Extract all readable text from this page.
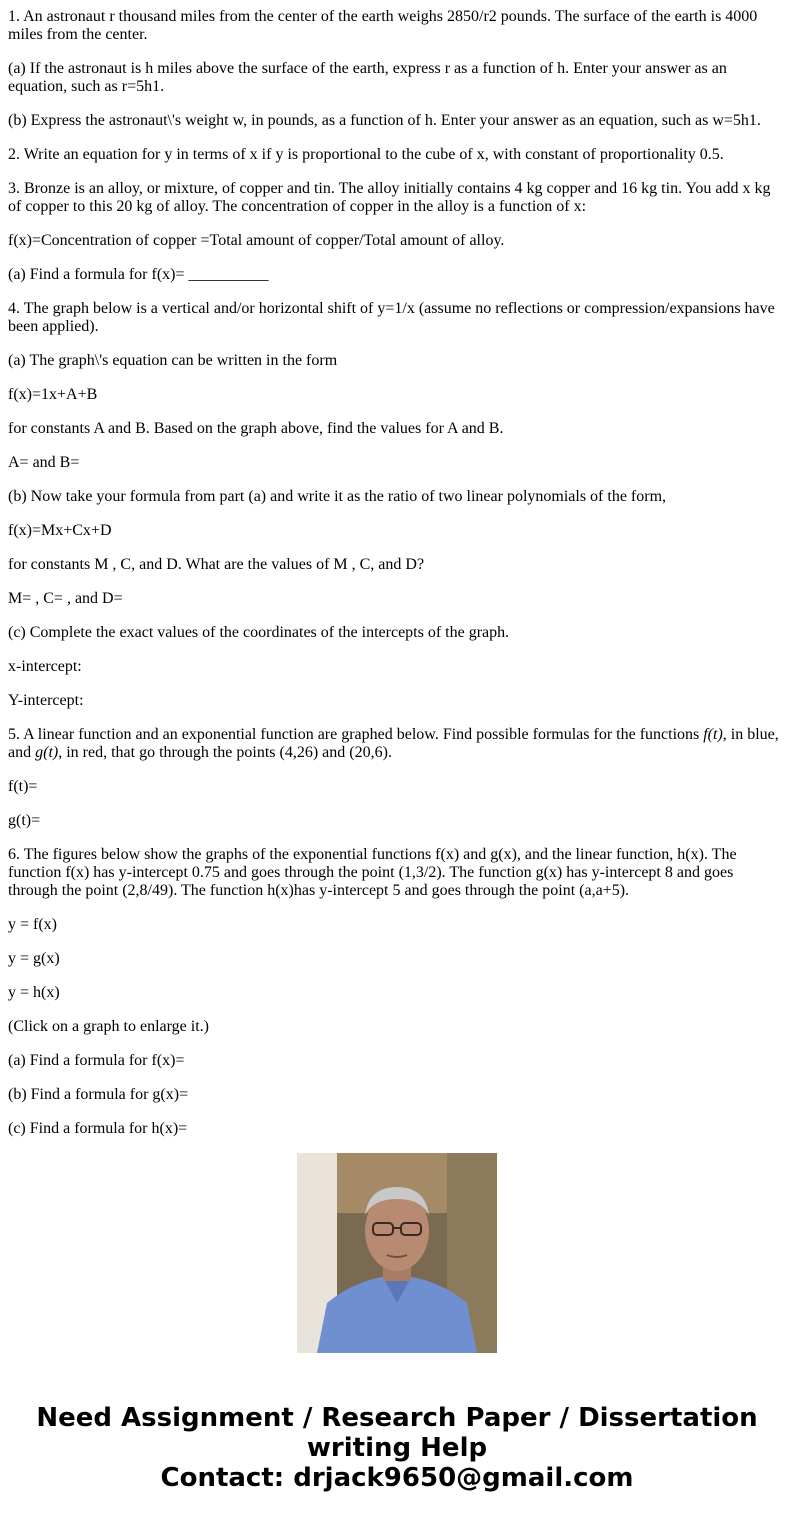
1. An astronaut r thousand miles from the center of the earth weighs 2850/r2 pounds. The surface of the earth is 4000 miles from the center.

(a) If the astronaut is h miles above the surface of the earth, express r as a function of h. Enter your answer as an equation, such as r=5h1.

(b) Express the astronaut\'s weight w, in pounds, as a function of h. Enter your answer as an equation, such as w=5h1.

2. Write an equation for y in terms of x if y is proportional to the cube of x, with constant of proportionality 0.5.

3. Bronze is an alloy, or mixture, of copper and tin. The alloy initially contains 4 kg copper and 16 kg tin. You add x kg of copper to this 20 kg of alloy. The concentration of copper in the alloy is a function of x:

f(x)=Concentration of copper =Total amount of copper/Total amount of alloy.

(a) Find a formula for f(x)= __________

4. The graph below is a vertical and/or horizontal shift of y=1/x (assume no reflections or compression/expansions have been applied).

(a) The graph\'s equation can be written in the form

f(x)=1x+A+B

for constants A and B. Based on the graph above, find the values for A and B.

A= and B=

(b) Now take your formula from part (a) and write it as the ratio of two linear polynomials of the form,

f(x)=Mx+Cx+D

for constants M , C, and D. What are the values of M , C, and D?

M= , C= , and D=

(c) Complete the exact values of the coordinates of the intercepts of the graph.

x-intercept:

Y-intercept:

5. A linear function and an exponential function are graphed below. Find possible formulas for the functions f(t), in blue, and g(t), in red, that go through the points (4,26) and (20,6).

f(t)=

g(t)=

6. The figures below show the graphs of the exponential functions f(x) and g(x), and the linear function, h(x). The function f(x) has y-intercept 0.75 and goes through the point (1,3/2). The function g(x) has y-intercept 8 and goes through the point (2,8/49). The function h(x)has y-intercept 5 and goes through the point (a,a+5).

y = f(x)

y = g(x)

y = h(x)

(Click on a graph to enlarge it.)

(a) Find a formula for f(x)=

(b) Find a formula for g(x)=

(c) Find a formula for h(x)=

Need Assignment / Research Paper / Dissertation
writing Help
Contact: drjack9650@gmail.com
